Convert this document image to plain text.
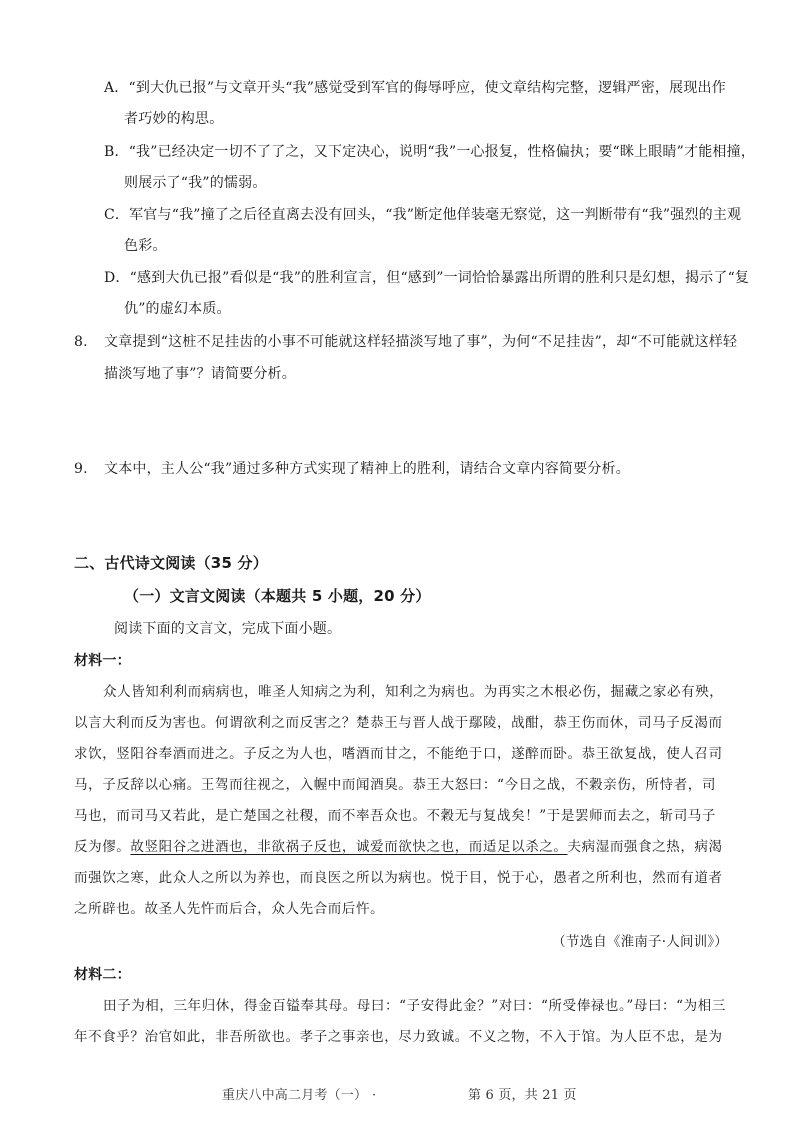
A．“到大仇已报”与文章开头“我”感觉受到军官的侮辱呼应，使文章结构完整，逻辑严密，展现出作
者巧妙的构思。
B．“我”已经决定一切不了了之，又下定决心，说明“我”一心报复，性格偏执；要“眯上眼睛”才能相撞，
则展示了“我”的懦弱。
C．军官与“我”撞了之后径直离去没有回头，“我”断定他佯装毫无察觉，这一判断带有“我”强烈的主观
色彩。
D．“感到大仇已报”看似是“我”的胜利宣言，但“感到”一词恰恰暴露出所谓的胜利只是幻想，揭示了“复
仇”的虚幻本质。
8. 文章提到“这桩不足挂齿的小事不可能就这样轻描淡写地了事”，为何“不足挂齿”，却“不可能就这样轻
描淡写地了事”？请简要分析。
9. 文本中，主人公“我”通过多种方式实现了精神上的胜利，请结合文章内容简要分析。
二、古代诗文阅读（35 分）
（一）文言文阅读（本题共 5 小题，20 分）
阅读下面的文言文，完成下面小题。
材料一：
众人皆知利利而病病也，唯圣人知病之为利，知利之为病也。为再实之木根必伤，掘藏之家必有殃，
以言大利而反为害也。何谓欲利之而反害之？楚恭王与晋人战于鄢陵，战酣，恭王伤而休，司马子反渴而
求饮，竖阳谷奉酒而进之。子反之为人也，嗜酒而甘之，不能绝于口，遂醉而卧。恭王欲复战，使人召司
马，子反辞以心痛。王驾而往视之，入幄中而闻酒臭。恭王大怒曰：“今日之战，不穀亲伤，所恃者，司
马也，而司马又若此，是亡楚国之社稷，而不率吾众也。不穀无与复战矣！”于是罢师而去之，斩司马子
反为僇。故竖阳谷之进酒也，非欲祸子反也，诚爱而欲快之也，而适足以杀之。夫病湿而强食之热，病渴
而强饮之寒，此众人之所以为养也，而良医之所以为病也。悦于目，悦于心，愚者之所利也，然而有道者
之所辟也。故圣人先忤而后合，众人先合而后忤。
（节选自《淮南子·人间训》）
材料二：
田子为相，三年归休，得金百镒奉其母。母曰：“子安得此金？”对曰：“所受俸禄也。”母曰：“为相三
年不食乎？治官如此，非吾所欲也。孝子之事亲也，尽力致诚。不义之物，不入于馆。为人臣不忠，是为
重庆八中高二月考（一） ·	第 6 页，共 21 页
